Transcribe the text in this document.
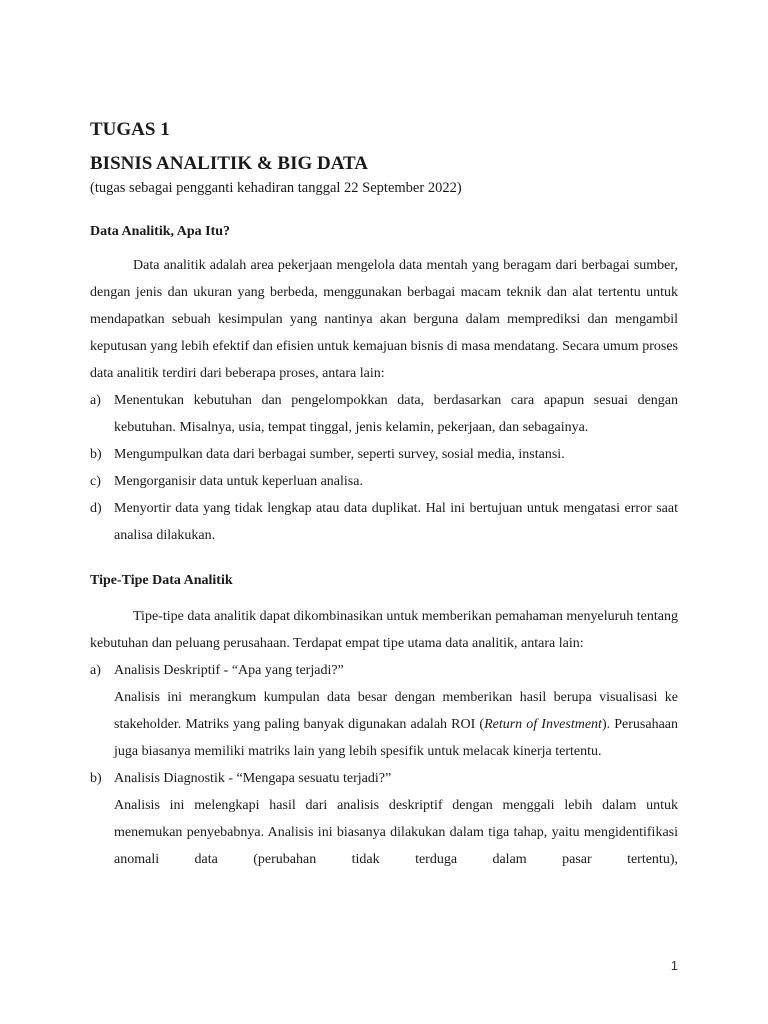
TUGAS 1

BISNIS ANALITIK & BIG DATA

(tugas sebagai pengganti kehadiran tanggal 22 September 2022)

Data Analitik, Apa Itu?

Data analitik adalah area pekerjaan mengelola data mentah yang beragam dari berbagai sumber, dengan jenis dan ukuran yang berbeda, menggunakan berbagai macam teknik dan alat tertentu untuk mendapatkan sebuah kesimpulan yang nantinya akan berguna dalam memprediksi dan mengambil keputusan yang lebih efektif dan efisien untuk kemajuan bisnis di masa mendatang. Secara umum proses data analitik terdiri dari beberapa proses, antara lain:

a) Menentukan kebutuhan dan pengelompokkan data, berdasarkan cara apapun sesuai dengan kebutuhan. Misalnya, usia, tempat tinggal, jenis kelamin, pekerjaan, dan sebagainya.
b) Mengumpulkan data dari berbagai sumber, seperti survey, sosial media, instansi.
c) Mengorganisir data untuk keperluan analisa.
d) Menyortir data yang tidak lengkap atau data duplikat. Hal ini bertujuan untuk mengatasi error saat analisa dilakukan.

Tipe-Tipe Data Analitik

Tipe-tipe data analitik dapat dikombinasikan untuk memberikan pemahaman menyeluruh tentang kebutuhan dan peluang perusahaan. Terdapat empat tipe utama data analitik, antara lain:

a) Analisis Deskriptif - “Apa yang terjadi?”

Analisis ini merangkum kumpulan data besar dengan memberikan hasil berupa visualisasi ke stakeholder. Matriks yang paling banyak digunakan adalah ROI (Return of Investment). Perusahaan juga biasanya memiliki matriks lain yang lebih spesifik untuk melacak kinerja tertentu.

b) Analisis Diagnostik - “Mengapa sesuatu terjadi?”

Analisis ini melengkapi hasil dari analisis deskriptif dengan menggali lebih dalam untuk menemukan penyebabnya. Analisis ini biasanya dilakukan dalam tiga tahap, yaitu mengidentifikasi anomali data (perubahan tidak terduga dalam pasar tertentu),

1
